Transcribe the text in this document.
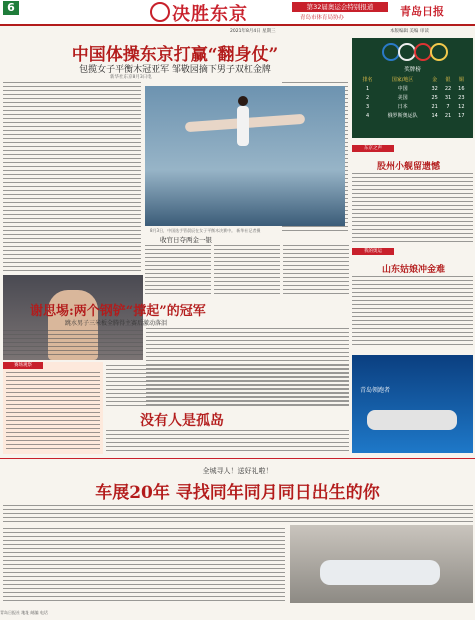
6	决胜东京	第32届奥运会特别报道
青岛市体育局协办	青岛日报
2021年8月4日 星期三	本版编辑 美编 审读
中国体操东京打赢“翻身仗”
包揽女子平衡木冠亚军 邹敬园摘下男子双杠金牌
新华社东京8月3日电
8月3日，中国选手管晨辰在女子平衡木决赛中。 新华社记者摄
收官日夺两金一银
奖牌榜
排名	国家/地区	金	银	铜
1	中国	32	22	16
2	美国	25	31	23
3	日本	21	7	12
4	俄罗斯奥运队	14	21	17
东京之声
股州小舰留遗憾
我的奥运
山东姑娘冲金难
谢思埸:两个钢铲“撑起”的冠军
跳水男子三米板全腾得主赛后激动落泪
赛场观察
没有人是孤岛
青岛领跑者
全城寻人！送好礼啦！
车展20年 寻找同年同月同日出生的你
青岛日报社 地址 邮编 电话
